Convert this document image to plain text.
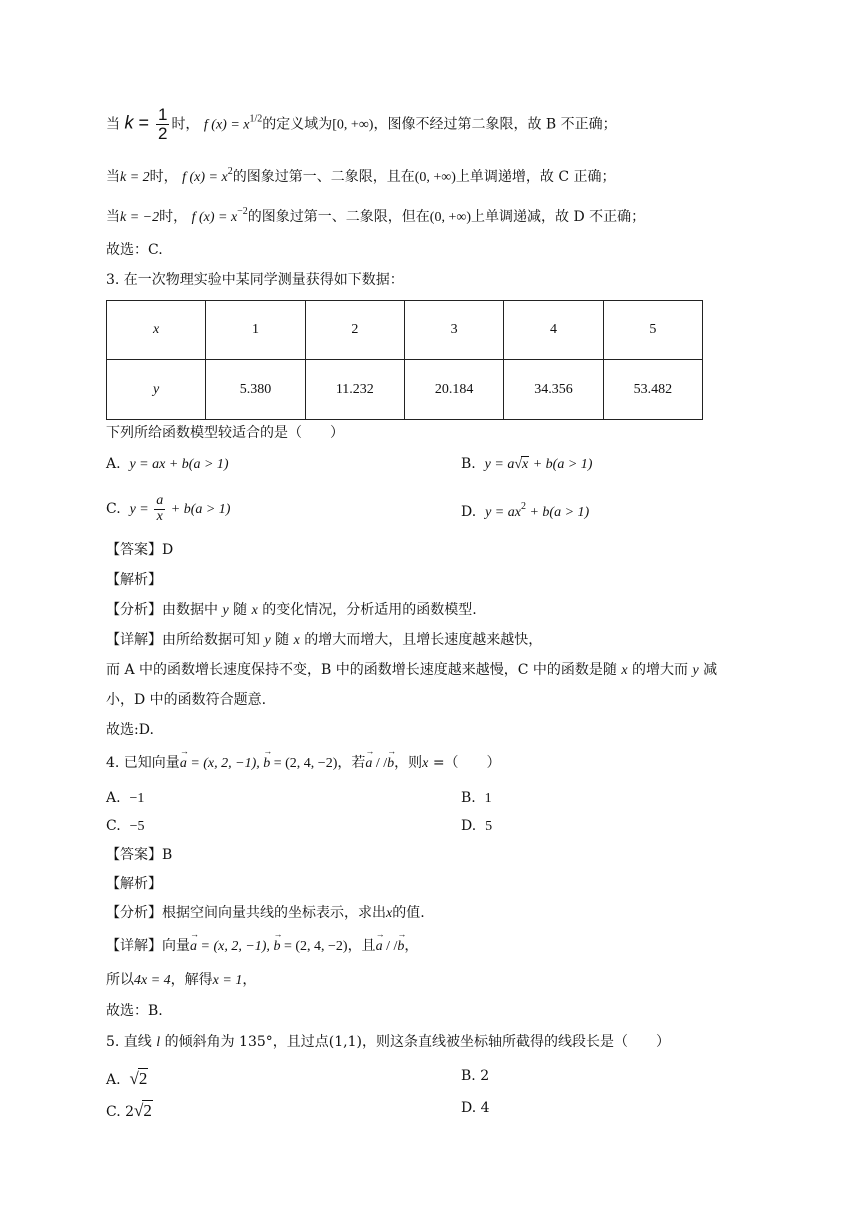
当 $k = \frac{1}{2}$ 时， f $(x) = x^{1/2}$的定义域为[0, +∞)，图像不经过第二象限，故 B 不正确；
当k = 2时， f $(x) = x^2$的图象过第一、二象限，且在(0, +∞)上单调递增，故 C 正确；
当k = −2时， f $(x) = x^{-2}$的图象过第一、二象限，但在(0, +∞)上单调递减，故 D 不正确；
故选：C.
3. 在一次物理实验中某同学测量获得如下数据：
x	1	2	3	4	5
y	5.380	11.232	20.184	34.356	53.482
下列所给函数模型较适合的是（　　）
A. y = ax + b(a > 1)	B. y = a√x + b(a > 1)
C. $y = \frac{a}{x} + b(a > 1)$	D. $y = ax^2 + b(a > 1)$
【答案】D
【解析】
【分析】由数据中 y 随 x 的变化情况，分析适用的函数模型.
【详解】由所给数据可知 y 随 x 的增大而增大，且增长速度越来越快，
而 A 中的函数增长速度保持不变，B 中的函数增长速度越来越慢，C 中的函数是随 x 的增大而 y 减
小，D 中的函数符合题意.
故选:D.
4. 已知向量→ a = (x, 2, −1), → b = (2, 4, −2)，若→ a / /→ b，则x =（　　）
A. −1	B. 1
C. −5	D. 5
【答案】B
【解析】
【分析】根据空间向量共线的坐标表示，求出x的值.
【详解】向量→ a = (x, 2, −1), → b = (2, 4, −2)，且→ a / /→ b，
所以4x = 4，解得x = 1，
故选：B.
5. 直线 l 的倾斜角为 135°，且过点(1,1)，则这条直线被坐标轴所截得的线段长是（　　）
A. √2	B. 2
C. 2√2	D. 4
